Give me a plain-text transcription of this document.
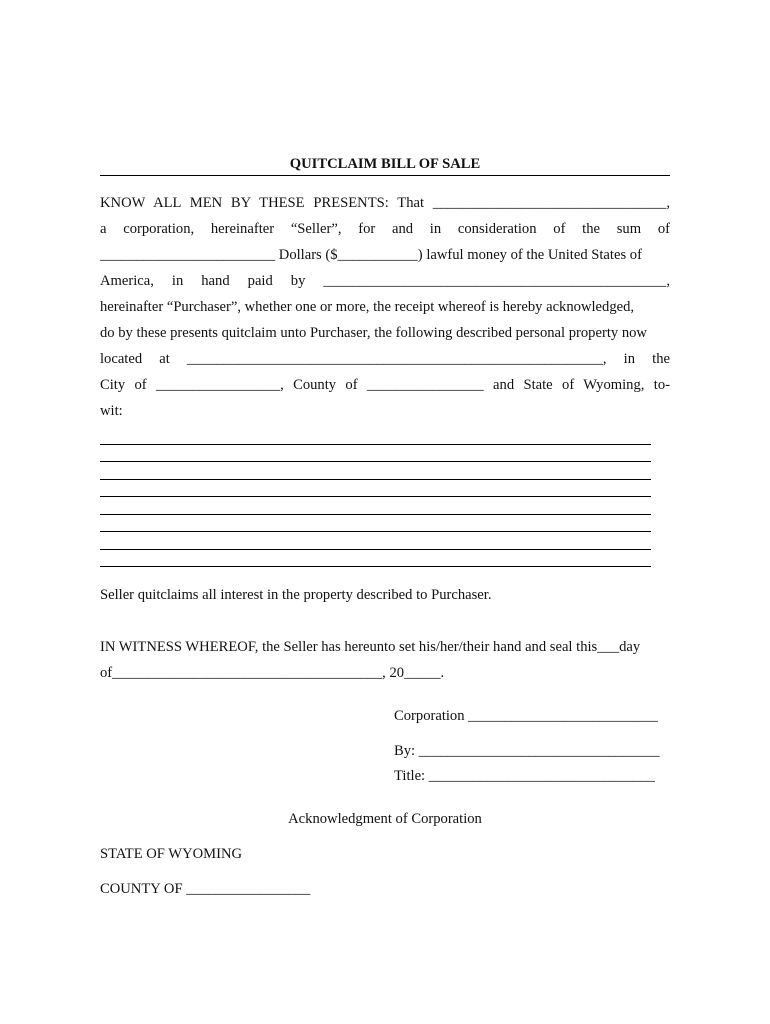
QUITCLAIM BILL OF SALE
KNOW ALL MEN BY THESE PRESENTS: That ________________________________,
a corporation, hereinafter “Seller”, for and in consideration of the sum of
________________________ Dollars ($___________) lawful money of the United States of
America, in hand paid by _______________________________________________,
hereinafter “Purchaser”, whether one or more, the receipt whereof is hereby acknowledged,
do by these presents quitclaim unto Purchaser, the following described personal property now
located at _________________________________________________________, in the
City of _________________, County of ________________ and State of Wyoming, to-
wit:
Seller quitclaims all interest in the property described to Purchaser.
IN WITNESS WHEREOF, the Seller has hereunto set his/her/their hand and seal this___day
of_____________________________________, 20_____.
Corporation __________________________
By: _________________________________
Title: _______________________________
Acknowledgment of Corporation
STATE OF WYOMING
COUNTY OF _________________
